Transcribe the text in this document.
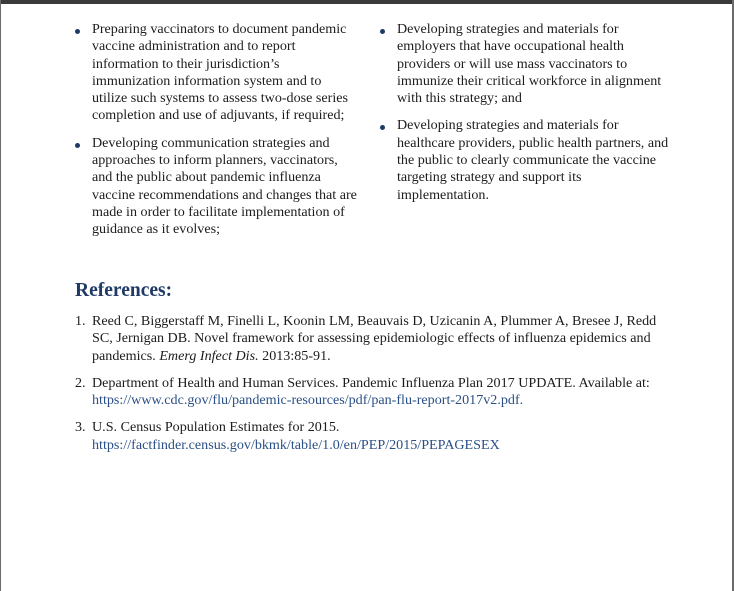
Preparing vaccinators to document pandemic vaccine administration and to report information to their jurisdiction’s immunization information system and to utilize such systems to assess two-dose series completion and use of adjuvants, if required;
Developing communication strategies and approaches to inform planners, vaccinators, and the public about pandemic influenza vaccine recommendations and changes that are made in order to facilitate implementation of guidance as it evolves;
Developing strategies and materials for employers that have occupational health providers or will use mass vaccinators to immunize their critical workforce in alignment with this strategy; and
Developing strategies and materials for healthcare providers, public health partners, and the public to clearly communicate the vaccine targeting strategy and support its implementation.
References:
1. Reed C, Biggerstaff M, Finelli L, Koonin LM, Beauvais D, Uzicanin A, Plummer A, Bresee J, Redd SC, Jernigan DB. Novel framework for assessing epidemiologic effects of influenza epidemics and pandemics. Emerg Infect Dis. 2013:85-91.
2. Department of Health and Human Services. Pandemic Influenza Plan 2017 UPDATE. Available at: https://www.cdc.gov/flu/pandemic-resources/pdf/pan-flu-report-2017v2.pdf.
3. U.S. Census Population Estimates for 2015. https://factfinder.census.gov/bkmk/table/1.0/en/PEP/2015/PEPAGESEX
